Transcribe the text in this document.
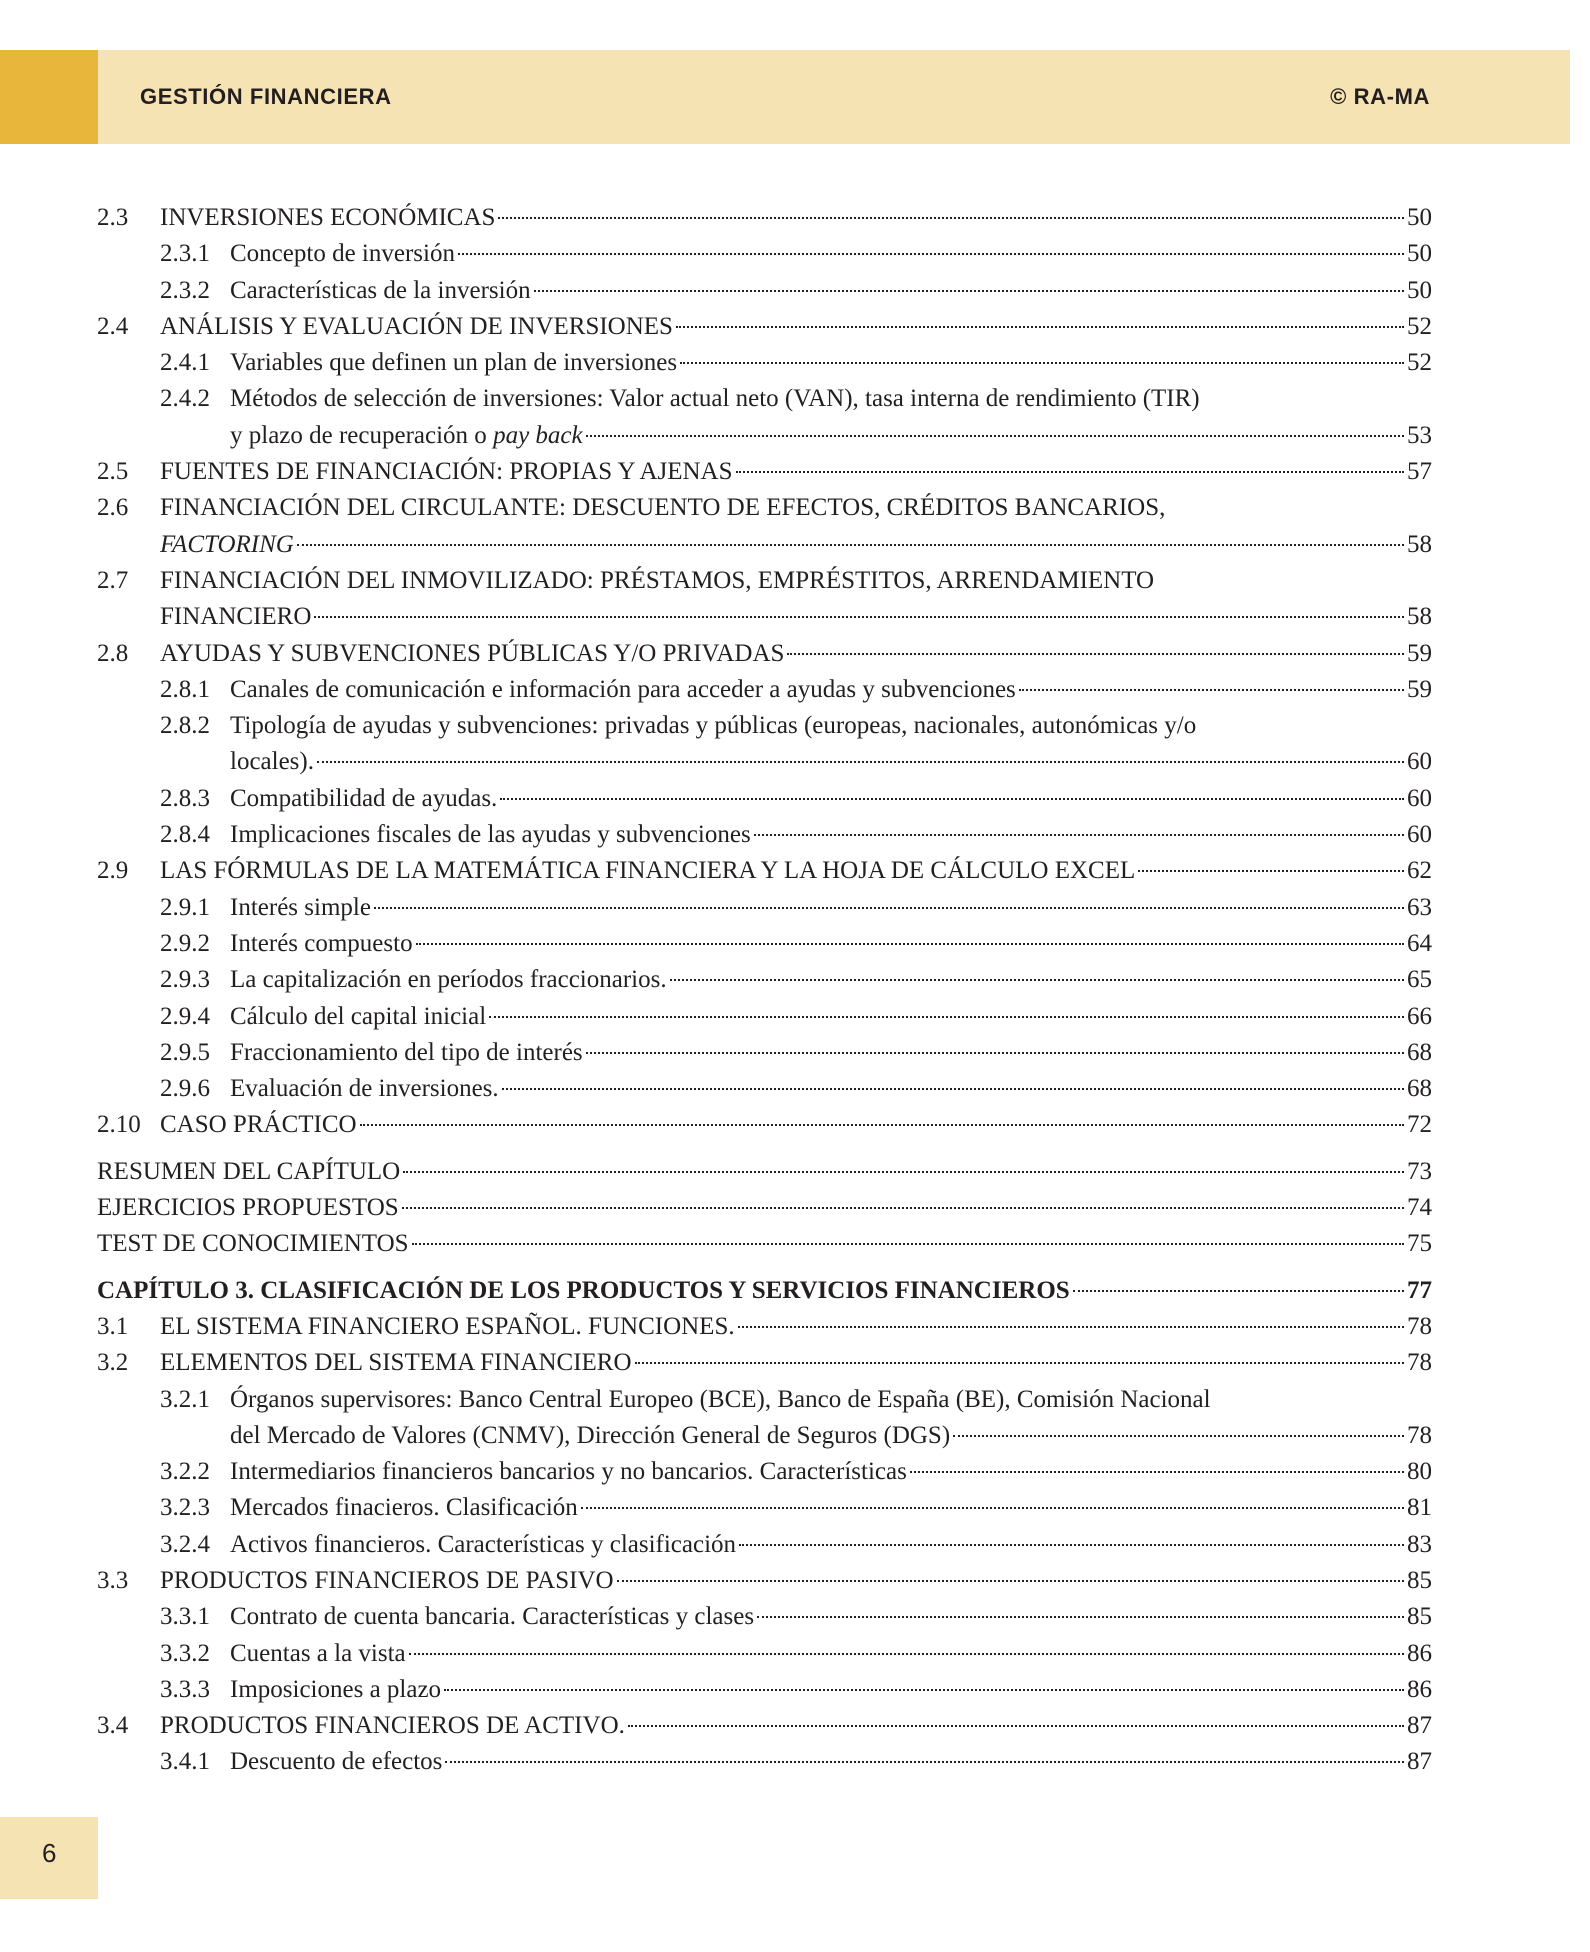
GESTIÓN FINANCIERA	© RA-MA
2.3	INVERSIONES ECONÓMICAS	50
2.3.1 Concepto de inversión	50
2.3.2 Características de la inversión	50
2.4	ANÁLISIS Y EVALUACIÓN DE INVERSIONES	52
2.4.1 Variables que definen un plan de inversiones	52
2.4.2 Métodos de selección de inversiones: Valor actual neto (VAN), tasa interna de rendimiento (TIR)
y plazo de recuperación o pay back	53
2.5	FUENTES DE FINANCIACIÓN: PROPIAS Y AJENAS	57
2.6	FINANCIACIÓN DEL CIRCULANTE: DESCUENTO DE EFECTOS, CRÉDITOS BANCARIOS,
FACTORING	58
2.7	FINANCIACIÓN DEL INMOVILIZADO: PRÉSTAMOS, EMPRÉSTITOS, ARRENDAMIENTO
FINANCIERO	58
2.8	AYUDAS Y SUBVENCIONES PÚBLICAS Y/O PRIVADAS	59
2.8.1 Canales de comunicación e información para acceder a ayudas y subvenciones	59
2.8.2 Tipología de ayudas y subvenciones: privadas y públicas (europeas, nacionales, autonómicas y/o
locales).	60
2.8.3 Compatibilidad de ayudas.	60
2.8.4 Implicaciones fiscales de las ayudas y subvenciones	60
2.9	LAS FÓRMULAS DE LA MATEMÁTICA FINANCIERA Y LA HOJA DE CÁLCULO EXCEL	62
2.9.1 Interés simple	63
2.9.2 Interés compuesto	64
2.9.3 La capitalización en períodos fraccionarios.	65
2.9.4 Cálculo del capital inicial	66
2.9.5 Fraccionamiento del tipo de interés	68
2.9.6 Evaluación de inversiones.	68
2.10 CASO PRÁCTICO	72
RESUMEN DEL CAPÍTULO	73
EJERCICIOS PROPUESTOS	74
TEST DE CONOCIMIENTOS	75
CAPÍTULO 3. CLASIFICACIÓN DE LOS PRODUCTOS Y SERVICIOS FINANCIEROS	77
3.1	EL SISTEMA FINANCIERO ESPAÑOL. FUNCIONES.	78
3.2	ELEMENTOS DEL SISTEMA FINANCIERO	78
3.2.1 Órganos supervisores: Banco Central Europeo (BCE), Banco de España (BE), Comisión Nacional
del Mercado de Valores (CNMV), Dirección General de Seguros (DGS)	78
3.2.2 Intermediarios financieros bancarios y no bancarios. Características	80
3.2.3 Mercados finacieros. Clasificación	81
3.2.4 Activos financieros. Características y clasificación	83
3.3	PRODUCTOS FINANCIEROS DE PASIVO	85
3.3.1 Contrato de cuenta bancaria. Características y clases	85
3.3.2 Cuentas a la vista	86
3.3.3 Imposiciones a plazo	86
3.4	PRODUCTOS FINANCIEROS DE ACTIVO.	87
3.4.1 Descuento de efectos	87
6
